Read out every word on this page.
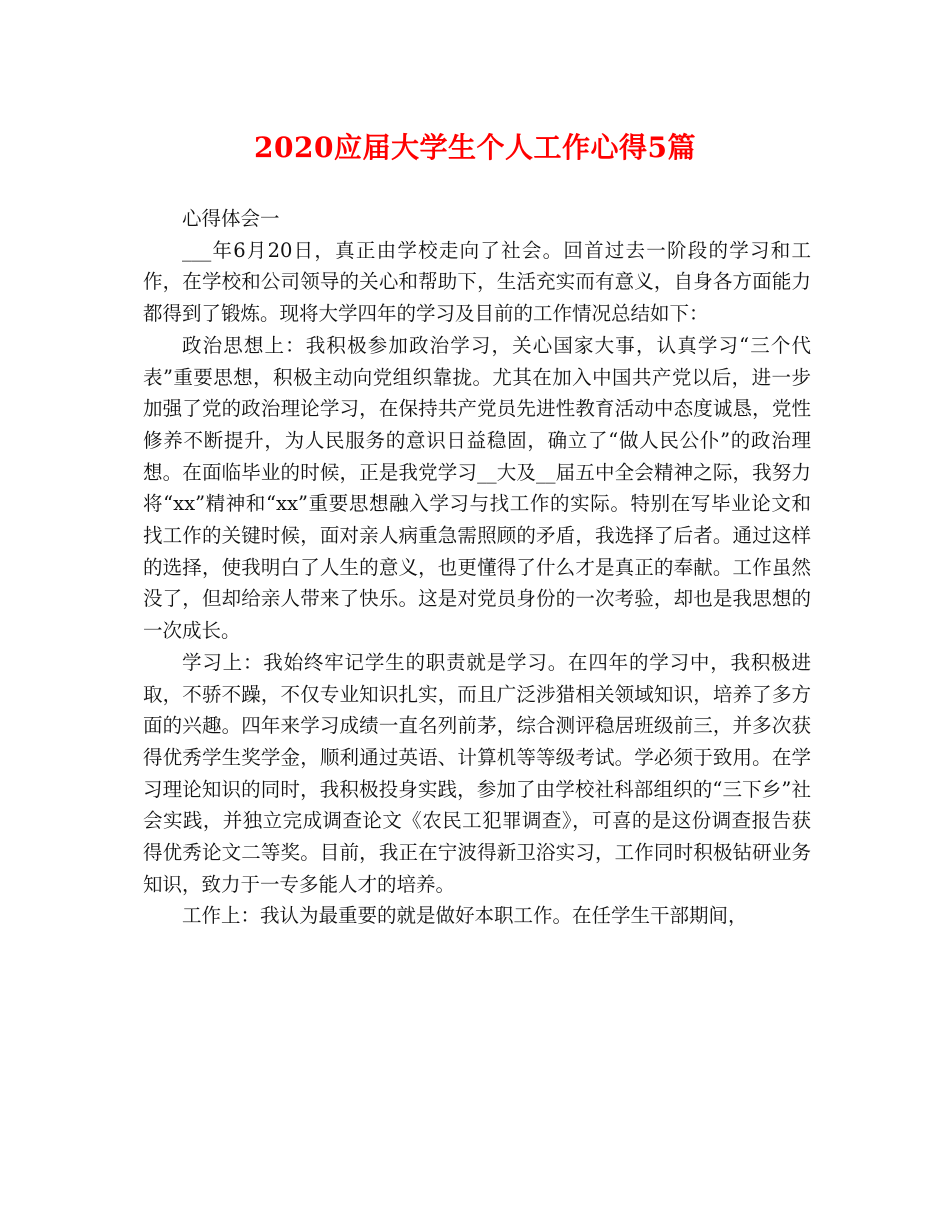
2020应届大学生个人工作心得5篇

心得体会一

___年6月20日，真正由学校走向了社会。回首过去一阶段的学习和工作，在学校和公司领导的关心和帮助下，生活充实而有意义，自身各方面能力都得到了锻炼。现将大学四年的学习及目前的工作情况总结如下：

政治思想上：我积极参加政治学习，关心国家大事，认真学习“三个代表”重要思想，积极主动向党组织靠拢。尤其在加入中国共产党以后，进一步加强了党的政治理论学习，在保持共产党员先进性教育活动中态度诚恳，党性修养不断提升，为人民服务的意识日益稳固，确立了“做人民公仆”的政治理想。在面临毕业的时候，正是我党学习__大及__届五中全会精神之际，我努力将“xx”精神和“xx”重要思想融入学习与找工作的实际。特别在写毕业论文和找工作的关键时候，面对亲人病重急需照顾的矛盾，我选择了后者。通过这样的选择，使我明白了人生的意义，也更懂得了什么才是真正的奉献。工作虽然没了，但却给亲人带来了快乐。这是对党员身份的一次考验，却也是我思想的一次成长。

学习上：我始终牢记学生的职责就是学习。在四年的学习中，我积极进取，不骄不躁，不仅专业知识扎实，而且广泛涉猎相关领域知识，培养了多方面的兴趣。四年来学习成绩一直名列前茅，综合测评稳居班级前三，并多次获得优秀学生奖学金，顺利通过英语、计算机等等级考试。学必须于致用。在学习理论知识的同时，我积极投身实践，参加了由学校社科部组织的“三下乡”社会实践，并独立完成调查论文《农民工犯罪调查》，可喜的是这份调查报告获得优秀论文二等奖。目前，我正在宁波得新卫浴实习，工作同时积极钻研业务知识，致力于一专多能人才的培养。

工作上：我认为最重要的就是做好本职工作。在任学生干部期间，
